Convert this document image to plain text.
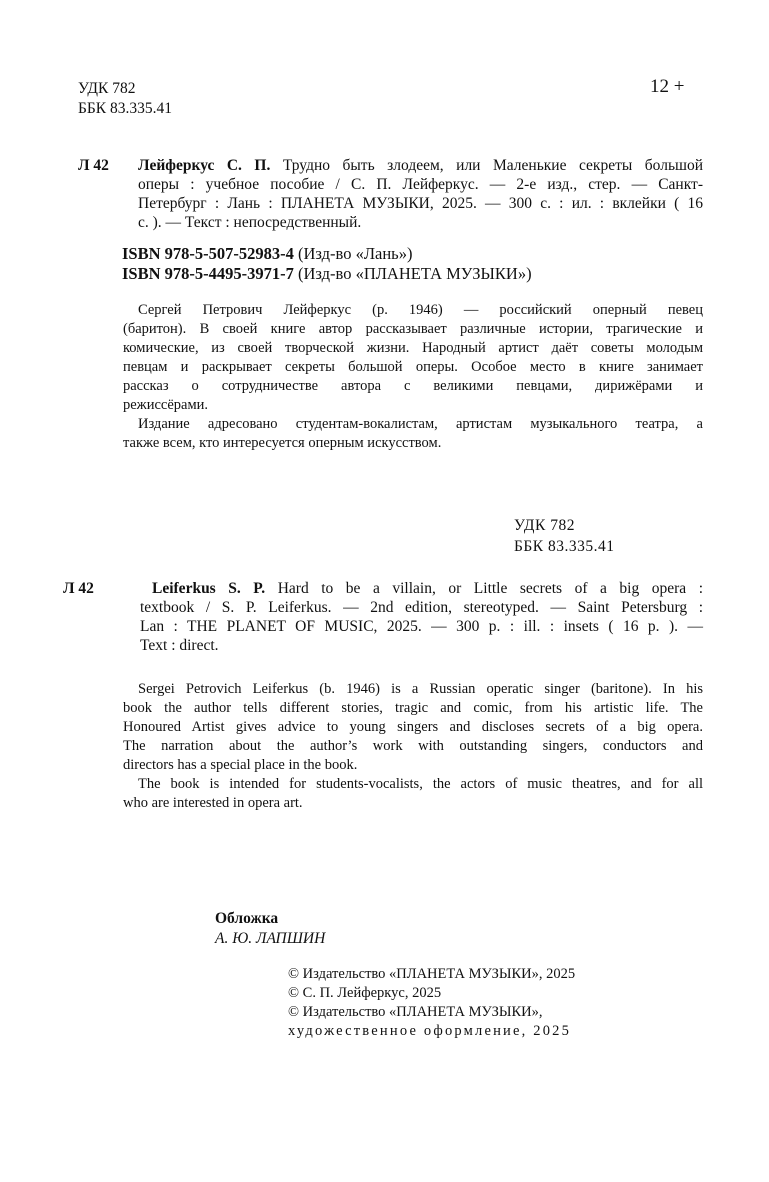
УДК 782
ББК 83.335.41
12 +
Л 42 Лейферкус С. П. Трудно быть злодеем, или Маленькие секреты большой
оперы : учебное пособие / С. П. Лейферкус. — 2-е изд., стер. — Санкт-
Петербург : Лань : ПЛАНЕТА МУЗЫКИ, 2025. — 300 с. : ил. : вклейки ( 16
с. ). — Текст : непосредственный.
ISBN 978-5-507-52983-4 (Изд-во «Лань»)
ISBN 978-5-4495-3971-7 (Изд-во «ПЛАНЕТА МУЗЫКИ»)
Сергей Петрович Лейферкус (р. 1946) — российский оперный певец
(баритон). В своей книге автор рассказывает различные истории, трагические и
комические, из своей творческой жизни. Народный артист даёт советы молодым
певцам и раскрывает секреты большой оперы. Особое место в книге занимает
рассказ о сотрудничестве автора с великими певцами, дирижёрами и
режиссёрами.
Издание адресовано студентам-вокалистам, артистам музыкального театра, а
также всем, кто интересуется оперным искусством.
УДК 782
ББК 83.335.41
Л 42	Leiferkus S. P. Hard to be a villain, or Little secrets of a big opera :
textbook / S. P. Leiferkus. — 2nd edition, stereotyped. — Saint Petersburg :
Lan : THE PLANET OF MUSIC, 2025. — 300 p. : ill. : insets ( 16 p. ). —
Text : direct.
Sergei Petrovich Leiferkus (b. 1946) is a Russian operatic singer (baritone). In his
book the author tells different stories, tragic and comic, from his artistic life. The
Honoured Artist gives advice to young singers and discloses secrets of a big opera.
The narration about the author’s work with outstanding singers, conductors and
directors has a special place in the book.
The book is intended for students-vocalists, the actors of music theatres, and for all
who are interested in opera art.
Обложка
А. Ю. ЛАПШИН
© Издательство «ПЛАНЕТА МУЗЫКИ», 2025
© С. П. Лейферкус, 2025
© Издательство «ПЛАНЕТА МУЗЫКИ»,
художественное оформление, 2025
